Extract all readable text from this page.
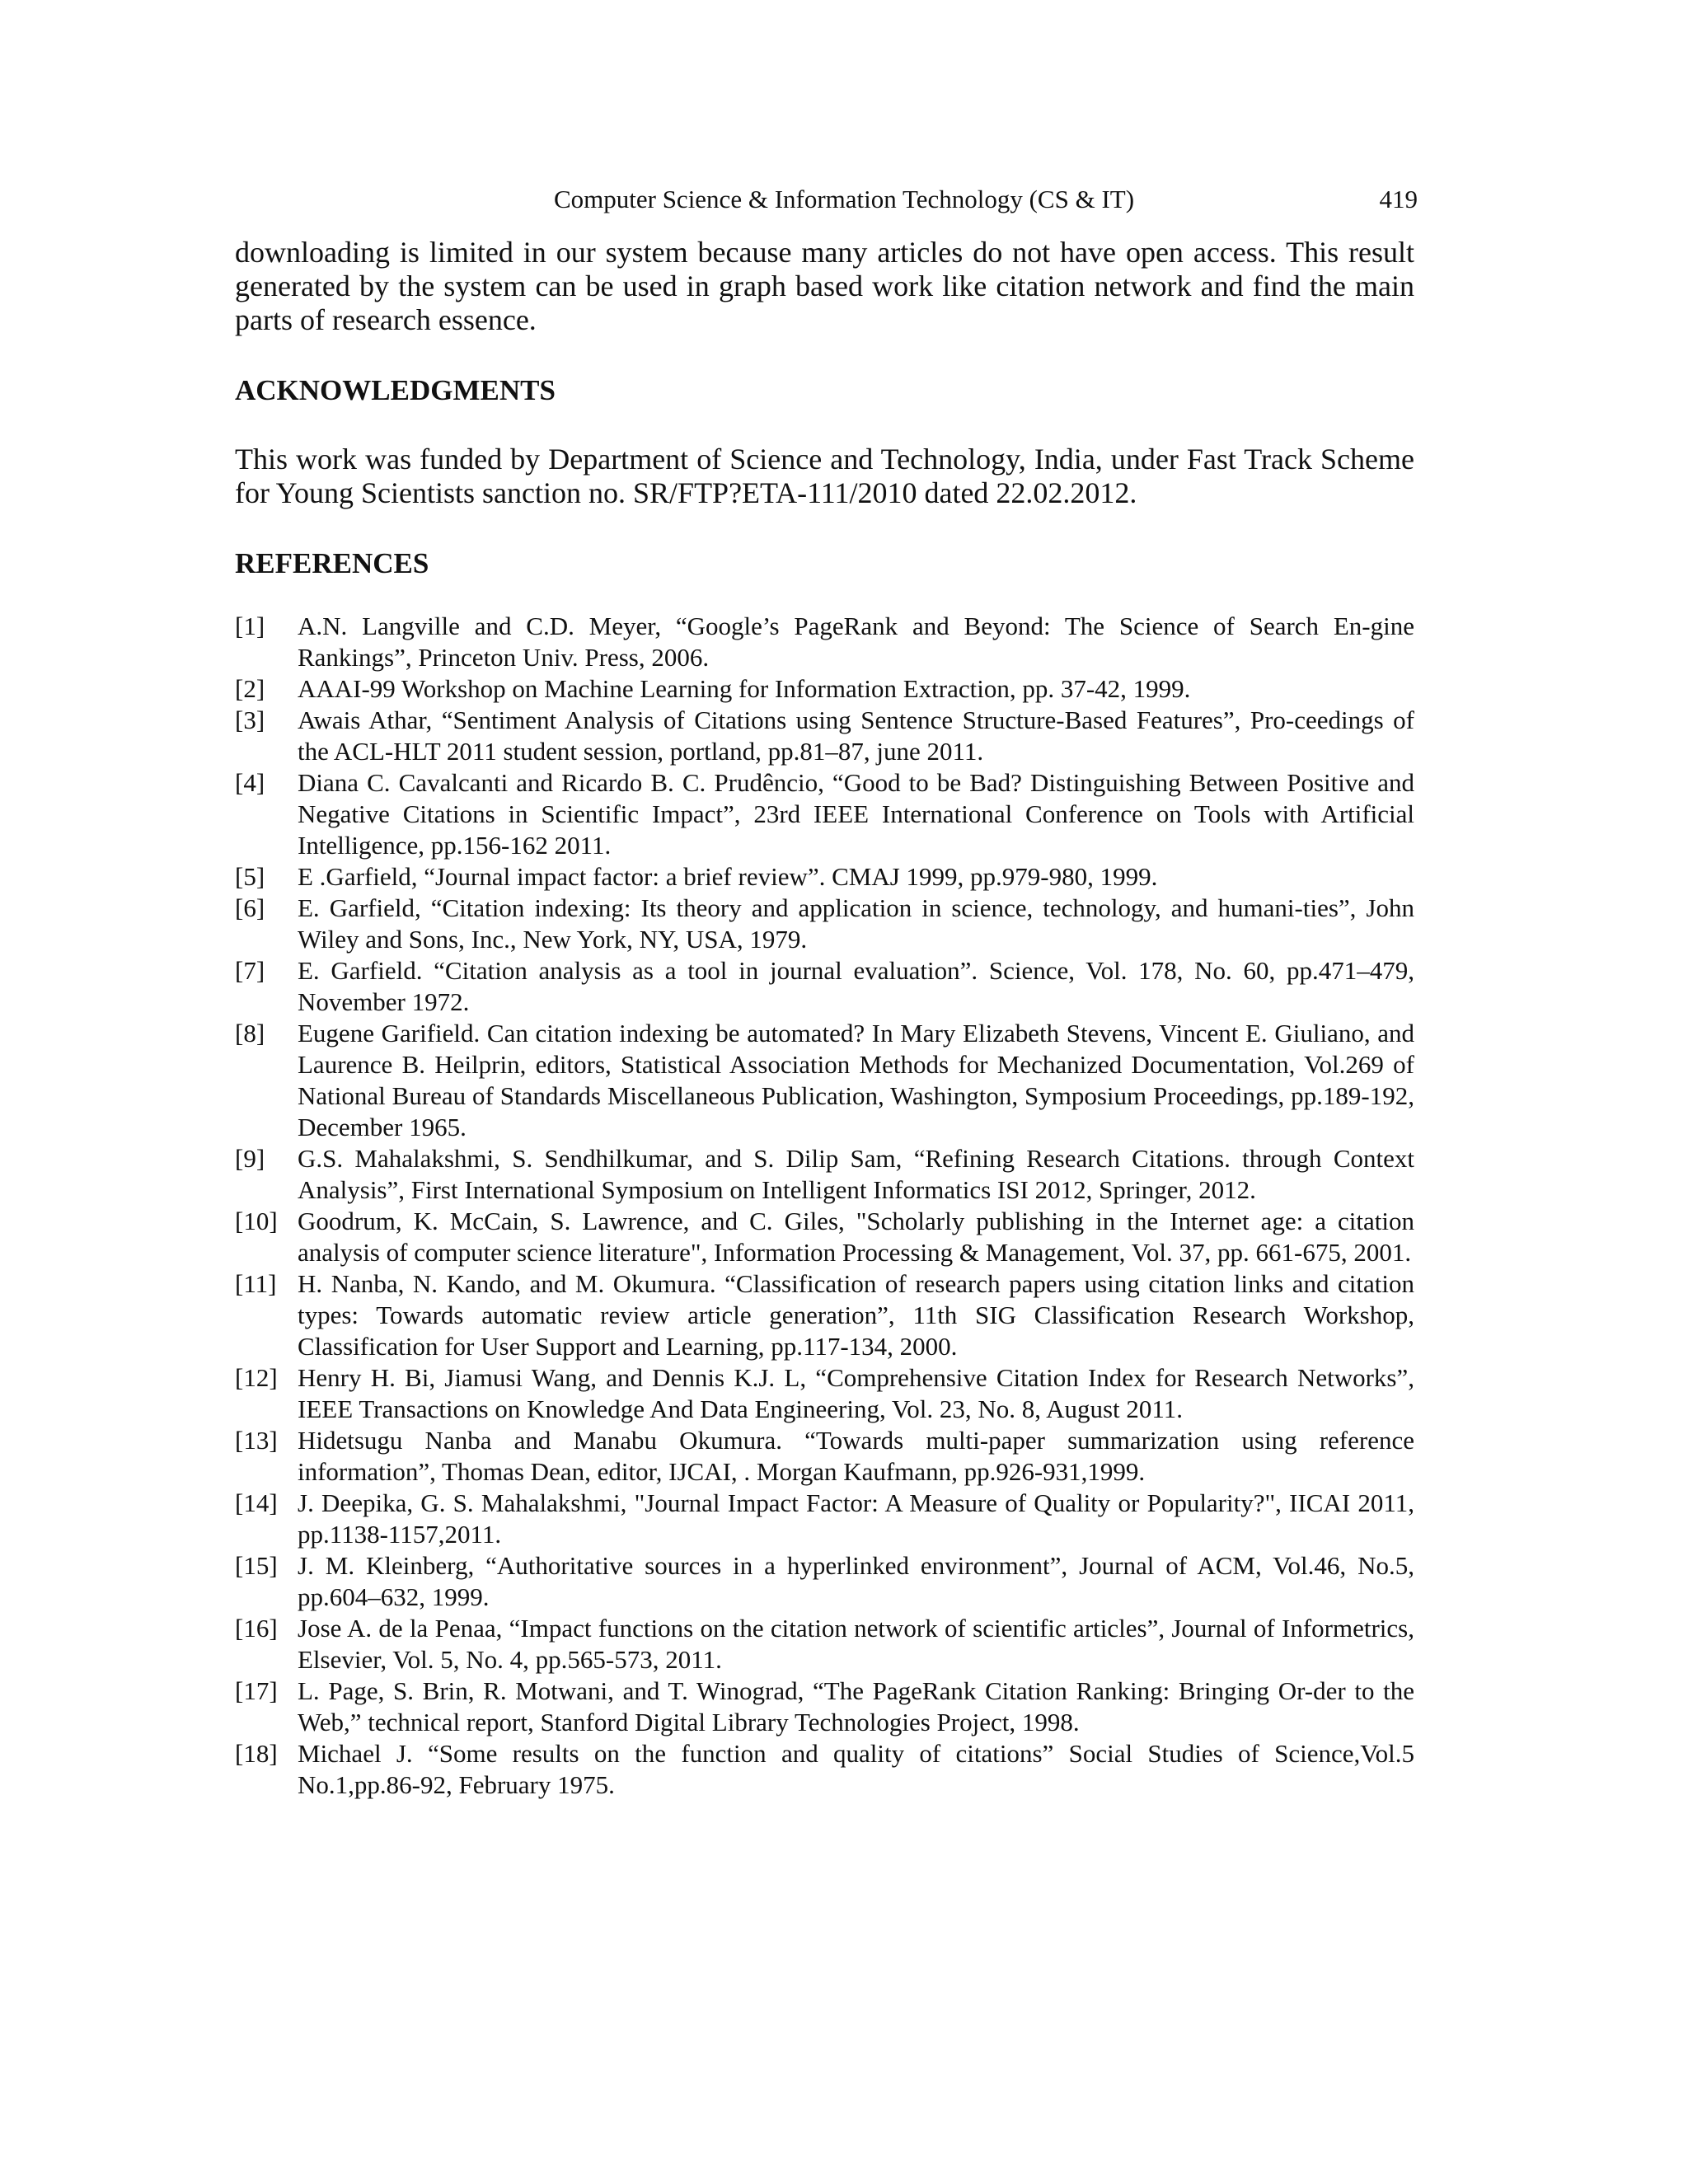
Computer Science & Information Technology (CS & IT)	419

downloading is limited in our system because many articles do not have open access. This result generated by the system can be used in graph based work like citation network and find the main parts of research essence.

ACKNOWLEDGMENTS

This work was funded by Department of Science and Technology, India, under Fast Track Scheme for Young Scientists sanction no. SR/FTP?ETA-111/2010 dated 22.02.2012.

REFERENCES
[1]	A.N. Langville and C.D. Meyer, “Google’s PageRank and Beyond: The Science of Search En-gine Rankings”, Princeton Univ. Press, 2006.
[2]	AAAI-99 Workshop on Machine Learning for Information Extraction, pp. 37-42, 1999.
[3]	Awais Athar, “Sentiment Analysis of Citations using Sentence Structure-Based Features”, Pro-ceedings of the ACL-HLT 2011 student session, portland, pp.81–87, june 2011.
[4]	Diana C. Cavalcanti and Ricardo B. C. Prudêncio, “Good to be Bad? Distinguishing Between Positive and Negative Citations in Scientific Impact”, 23rd IEEE International Conference on Tools with Artificial Intelligence, pp.156-162 2011.
[5]	E .Garfield, “Journal impact factor: a brief review”. CMAJ 1999, pp.979-980, 1999.
[6]	E. Garfield, “Citation indexing: Its theory and application in science, technology, and humani-ties”, John Wiley and Sons, Inc., New York, NY, USA, 1979.
[7]	E. Garfield. “Citation analysis as a tool in journal evaluation”. Science, Vol. 178, No. 60, pp.471–479, November 1972.
[8]	Eugene Garifield. Can citation indexing be automated? In Mary Elizabeth Stevens, Vincent E. Giuliano, and Laurence B. Heilprin, editors, Statistical Association Methods for Mechanized Documentation, Vol.269 of National Bureau of Standards Miscellaneous Publication, Washington, Symposium Proceedings, pp.189-192, December 1965.
[9]	G.S. Mahalakshmi, S. Sendhilkumar, and S. Dilip Sam, “Refining Research Citations. through Context Analysis”, First International Symposium on Intelligent Informatics ISI 2012, Springer, 2012.
[10] Goodrum, K. McCain, S. Lawrence, and C. Giles, "Scholarly publishing in the Internet age: a citation analysis of computer science literature", Information Processing & Management, Vol. 37, pp. 661-675, 2001.
[11] H. Nanba, N. Kando, and M. Okumura. “Classification of research papers using citation links and citation types: Towards automatic review article generation”, 11th SIG Classification Research Workshop, Classification for User Support and Learning, pp.117-134, 2000.
[12] Henry H. Bi, Jiamusi Wang, and Dennis K.J. L, “Comprehensive Citation Index for Research Networks”, IEEE Transactions on Knowledge And Data Engineering, Vol. 23, No. 8, August 2011.
[13] Hidetsugu Nanba and Manabu Okumura. “Towards multi-paper summarization using reference information”, Thomas Dean, editor, IJCAI, . Morgan Kaufmann, pp.926-931,1999.
[14] J. Deepika, G. S. Mahalakshmi, "Journal Impact Factor: A Measure of Quality or Popularity?", IICAI 2011, pp.1138-1157,2011.
[15] J. M. Kleinberg, “Authoritative sources in a hyperlinked environment”, Journal of ACM, Vol.46, No.5, pp.604–632, 1999.
[16] Jose A. de la Penaa, “Impact functions on the citation network of scientific articles”, Journal of Informetrics, Elsevier, Vol. 5, No. 4, pp.565-573, 2011.
[17] L. Page, S. Brin, R. Motwani, and T. Winograd, “The PageRank Citation Ranking: Bringing Or-der to the Web,” technical report, Stanford Digital Library Technologies Project, 1998.
[18] Michael J. “Some results on the function and quality of citations” Social Studies of Science,Vol.5 No.1,pp.86-92, February 1975.
